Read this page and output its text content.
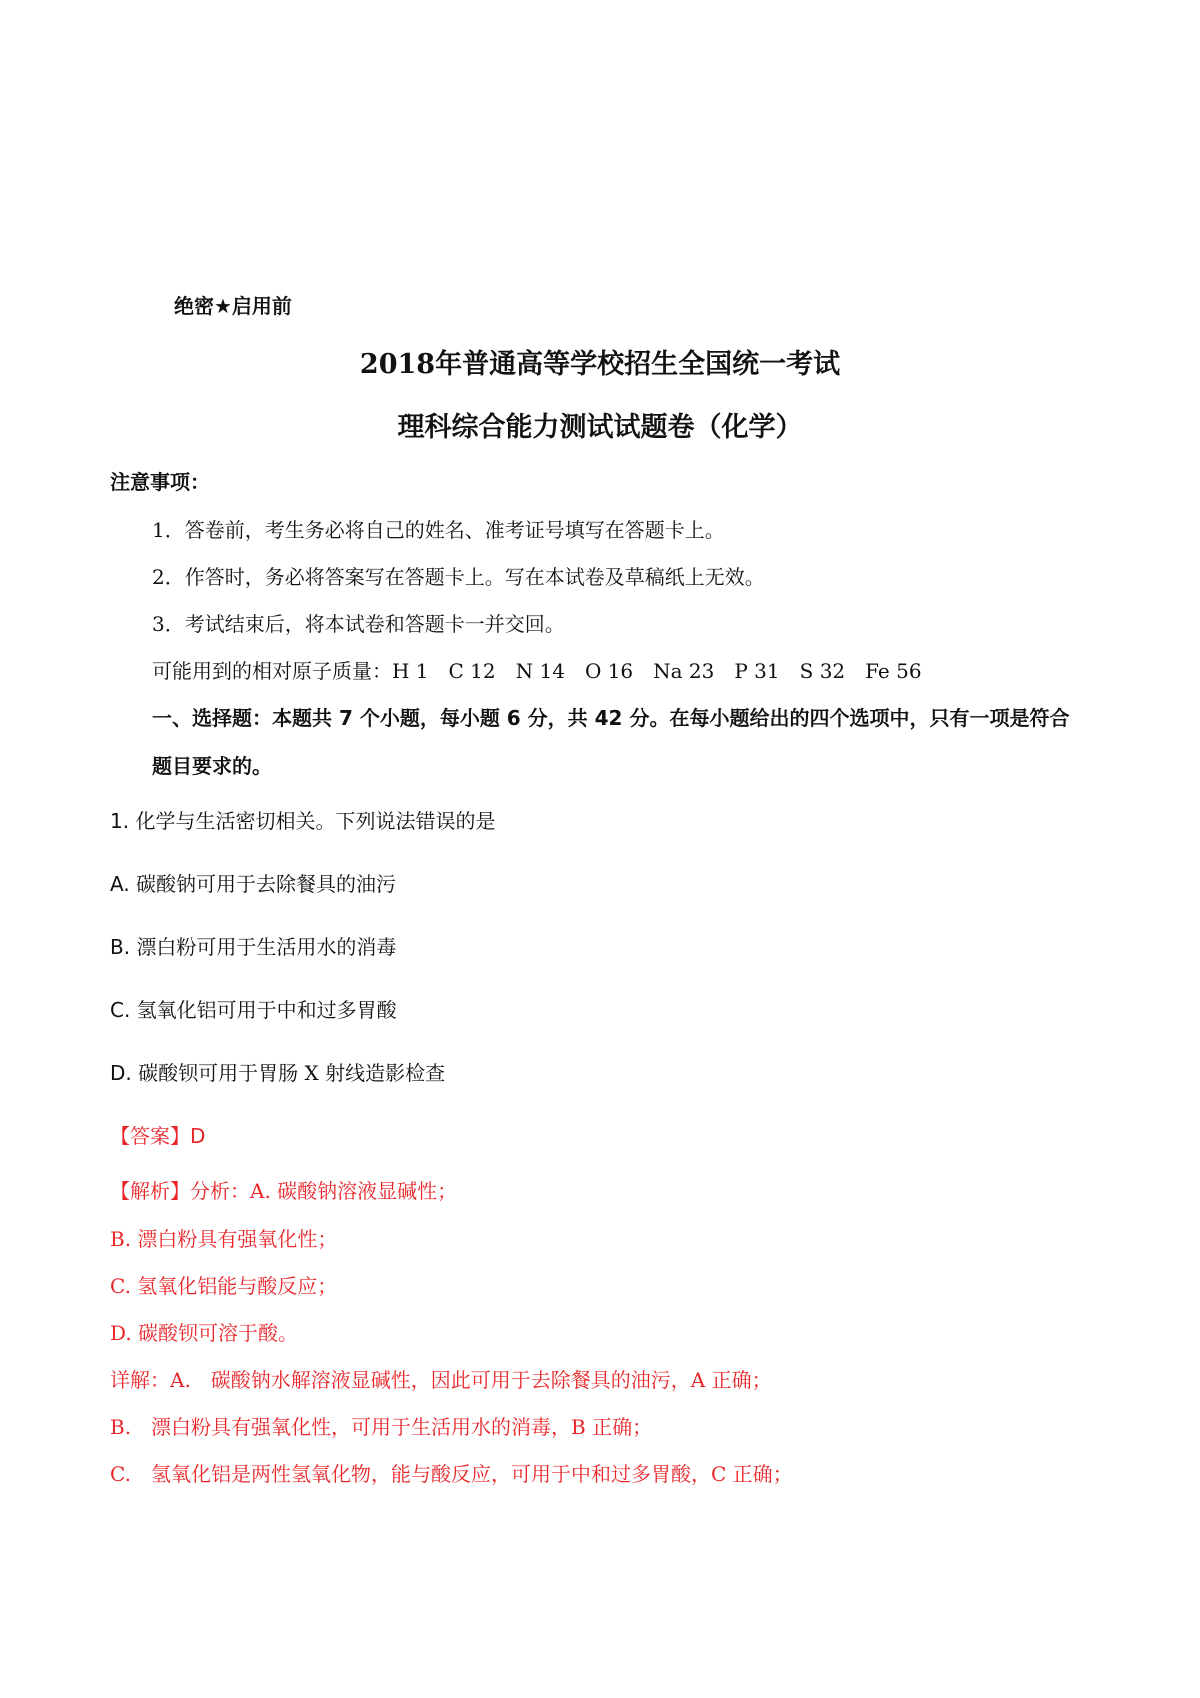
绝密★启用前
2018年普通高等学校招生全国统一考试
理科综合能力测试试题卷（化学）
注意事项：
1．答卷前，考生务必将自己的姓名、准考证号填写在答题卡上。
2．作答时，务必将答案写在答题卡上。写在本试卷及草稿纸上无效。
3．考试结束后，将本试卷和答题卡一并交回。
可能用到的相对原子质量：H 1　C 12　N 14　O 16　Na 23　P 31　S 32　Fe 56
一、选择题：本题共 7 个小题，每小题 6 分，共 42 分。在每小题给出的四个选项中，只有一项是符合
题目要求的。
1. 化学与生活密切相关。下列说法错误的是
A. 碳酸钠可用于去除餐具的油污
B. 漂白粉可用于生活用水的消毒
C. 氢氧化铝可用于中和过多胃酸
D. 碳酸钡可用于胃肠 X 射线造影检查
【答案】D
【解析】分析：A. 碳酸钠溶液显碱性；
B. 漂白粉具有强氧化性；
C. 氢氧化铝能与酸反应；
D. 碳酸钡可溶于酸。
详解：A.　碳酸钠水解溶液显碱性，因此可用于去除餐具的油污，A 正确；
B.　漂白粉具有强氧化性，可用于生活用水的消毒，B 正确；
C.　氢氧化铝是两性氢氧化物，能与酸反应，可用于中和过多胃酸，C 正确；
